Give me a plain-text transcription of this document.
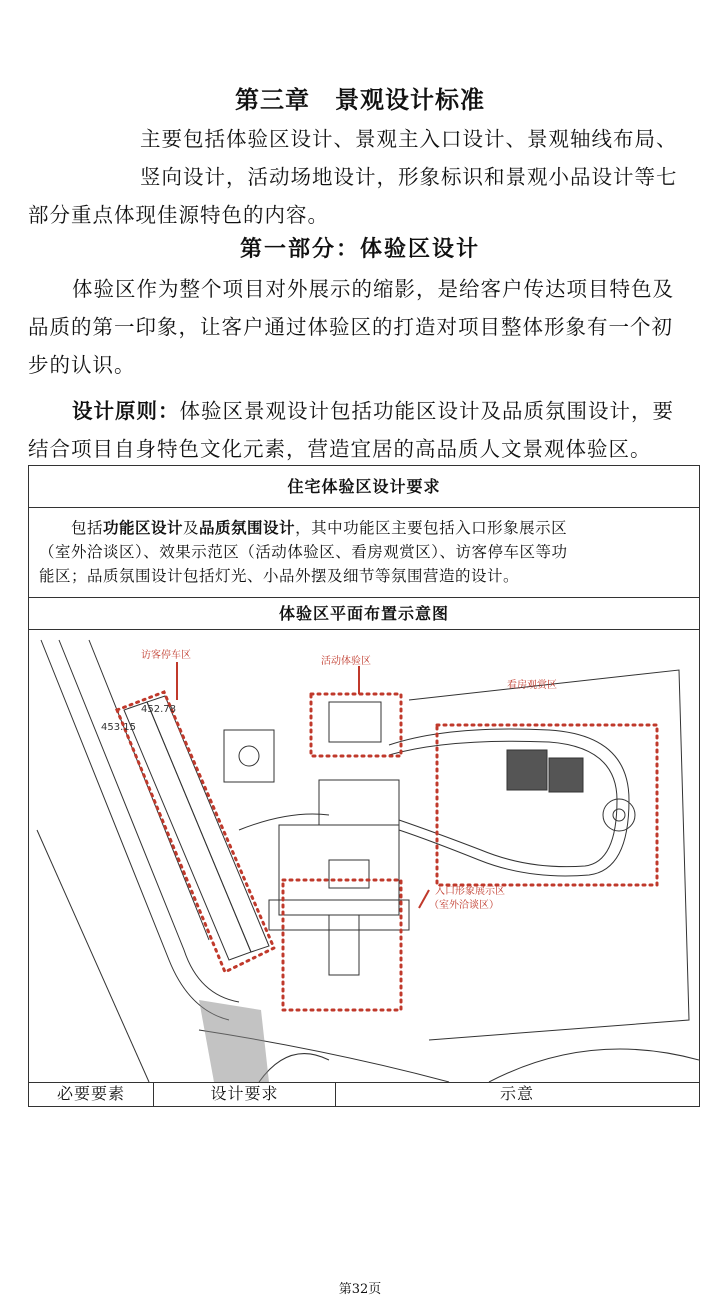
第三章　景观设计标准
主要包括体验区设计、景观主入口设计、景观轴线布局、
竖向设计，活动场地设计，形象标识和景观小品设计等七
部分重点体现佳源特色的内容。
第一部分：体验区设计
体验区作为整个项目对外展示的缩影，是给客户传达项目特色及
品质的第一印象，让客户通过体验区的打造对项目整体形象有一个初
步的认识。
设计原则：体验区景观设计包括功能区设计及品质氛围设计，要
结合项目自身特色文化元素，营造宜居的高品质人文景观体验区。
住宅体验区设计要求
包括功能区设计及品质氛围设计，其中功能区主要包括入口形象展示区
（室外洽谈区）、效果示范区（活动体验区、看房观赏区）、访客停车区等功
能区；品质氛围设计包括灯光、小品外摆及细节等氛围营造的设计。
体验区平面布置示意图
访客停车区
活动体验区
看房观赏区
入口形象展示区
（室外洽谈区）
452.78
453.15
必要要素	设计要求	示意
第32页
